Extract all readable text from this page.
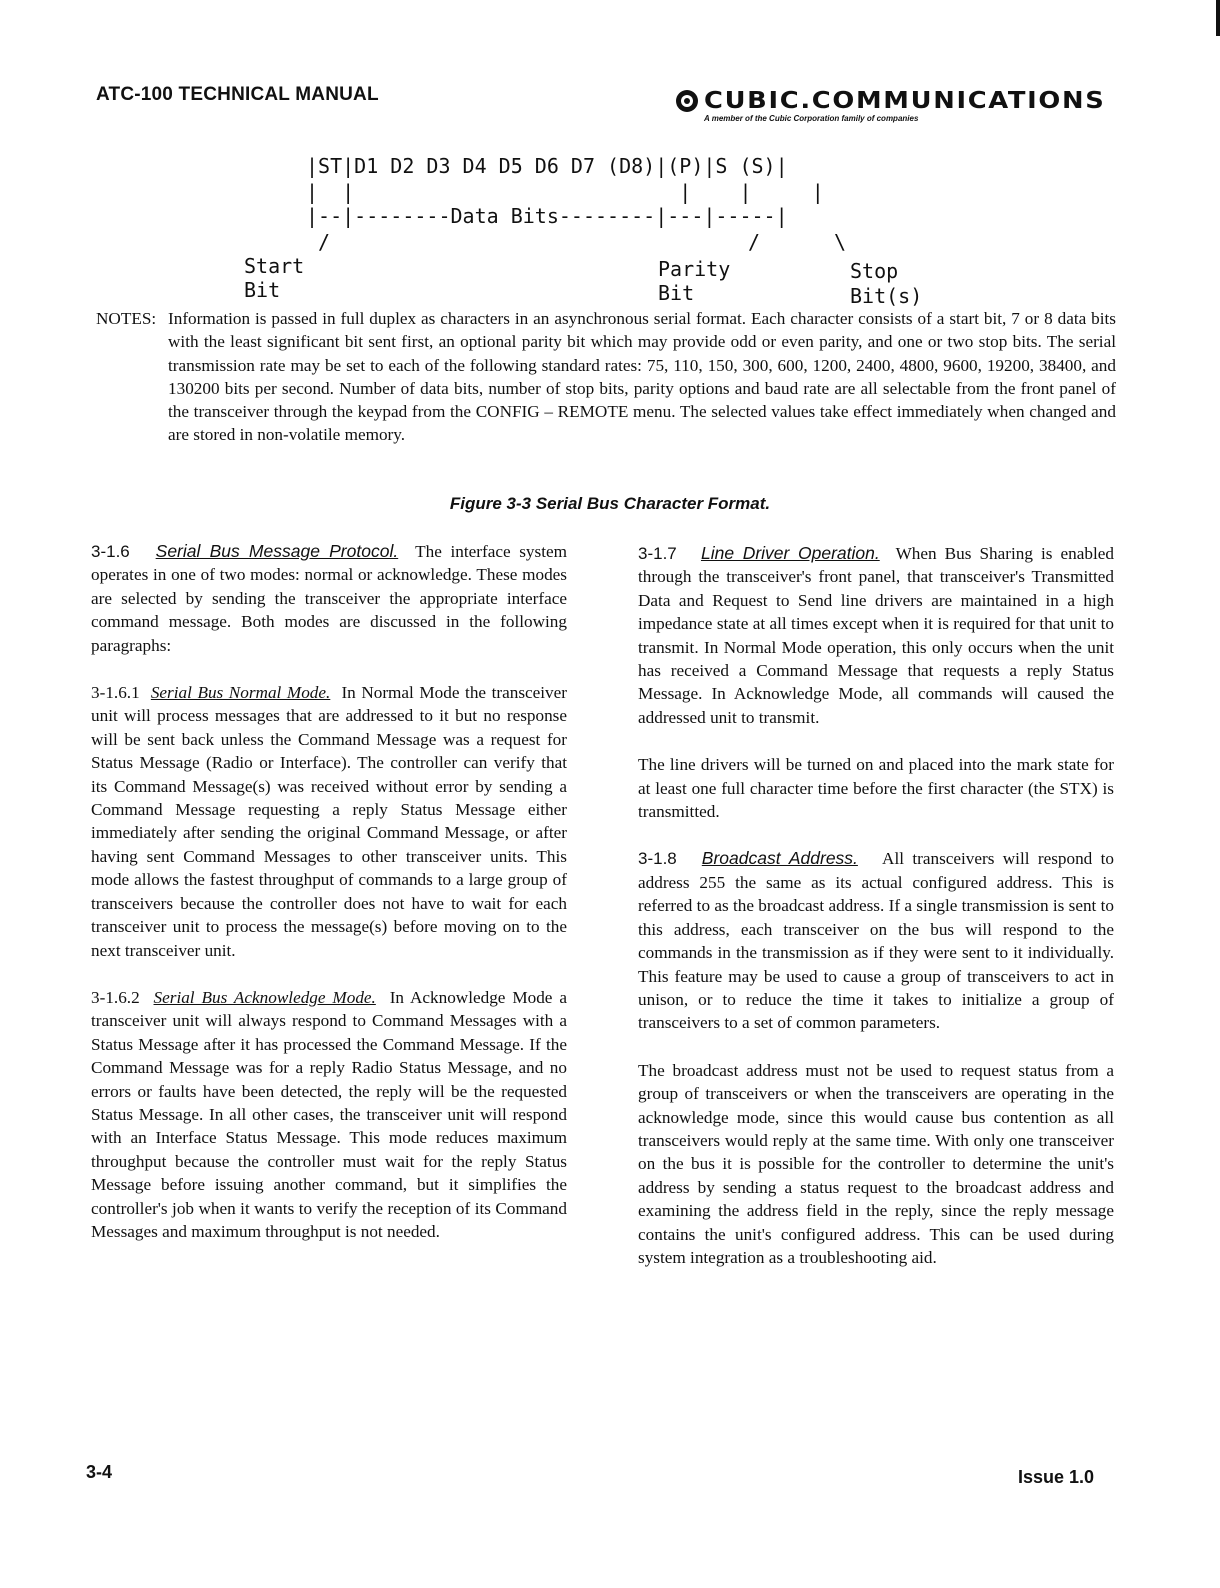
ATC-100 TECHNICAL MANUAL	CUBIC.COMMUNICATIONS
A member of the Cubic Corporation family of companies
|ST|D1 D2 D3 D4 D5 D6 D7 (D8)|(P)|S (S)|
|  |                           |    |     |
|--|--------Data Bits--------|---|-----|
/	/	\
Start
Bit
Parity
Bit
Stop
Bit(s)
NOTES: Information is passed in full duplex as characters in an asynchronous serial format. Each character consists of a start bit, 7 or 8 data bits with the least significant bit sent first, an optional parity bit which may provide odd or even parity, and one or two stop bits. The serial transmission rate may be set to each of the following standard rates: 75, 110, 150, 300, 600, 1200, 2400, 4800, 9600, 19200, 38400, and 130200 bits per second. Number of data bits, number of stop bits, parity options and baud rate are all selectable from the front panel of the transceiver through the keypad from the CONFIG – REMOTE menu. The selected values take effect immediately when changed and are stored in non-volatile memory.
Figure 3-3 Serial Bus Character Format.

3-1.6 Serial Bus Message Protocol. The interface system operates in one of two modes: normal or acknowledge. These modes are selected by sending the transceiver the appropriate interface command message. Both modes are discussed in the following paragraphs:

3-1.6.1 Serial Bus Normal Mode. In Normal Mode the transceiver unit will process messages that are addressed to it but no response will be sent back unless the Command Message was a request for Status Message (Radio or Interface). The controller can verify that its Command Message(s) was received without error by sending a Command Message requesting a reply Status Message either immediately after sending the original Command Message, or after having sent Command Messages to other transceiver units. This mode allows the fastest throughput of commands to a large group of transceivers because the controller does not have to wait for each transceiver unit to process the message(s) before moving on to the next transceiver unit.

3-1.6.2 Serial Bus Acknowledge Mode. In Acknowledge Mode a transceiver unit will always respond to Command Messages with a Status Message after it has processed the Command Message. If the Command Message was for a reply Radio Status Message, and no errors or faults have been detected, the reply will be the requested Status Message. In all other cases, the transceiver unit will respond with an Interface Status Message. This mode reduces maximum throughput because the controller must wait for the reply Status Message before issuing another command, but it simplifies the controller's job when it wants to verify the reception of its Command Messages and maximum throughput is not needed.

3-1.7 Line Driver Operation. When Bus Sharing is enabled through the transceiver's front panel, that transceiver's Transmitted Data and Request to Send line drivers are maintained in a high impedance state at all times except when it is required for that unit to transmit. In Normal Mode operation, this only occurs when the unit has received a Command Message that requests a reply Status Message. In Acknowledge Mode, all commands will caused the addressed unit to transmit.

The line drivers will be turned on and placed into the mark state for at least one full character time before the first character (the STX) is transmitted.

3-1.8 Broadcast Address. All transceivers will respond to address 255 the same as its actual configured address. This is referred to as the broadcast address. If a single transmission is sent to this address, each transceiver on the bus will respond to the commands in the transmission as if they were sent to it individually. This feature may be used to cause a group of transceivers to act in unison, or to reduce the time it takes to initialize a group of transceivers to a set of common parameters.

The broadcast address must not be used to request status from a group of transceivers or when the transceivers are operating in the acknowledge mode, since this would cause bus contention as all transceivers would reply at the same time. With only one transceiver on the bus it is possible for the controller to determine the unit's address by sending a status request to the broadcast address and examining the address field in the reply, since the reply message contains the unit's configured address. This can be used during system integration as a troubleshooting aid.

3-4	Issue 1.0
